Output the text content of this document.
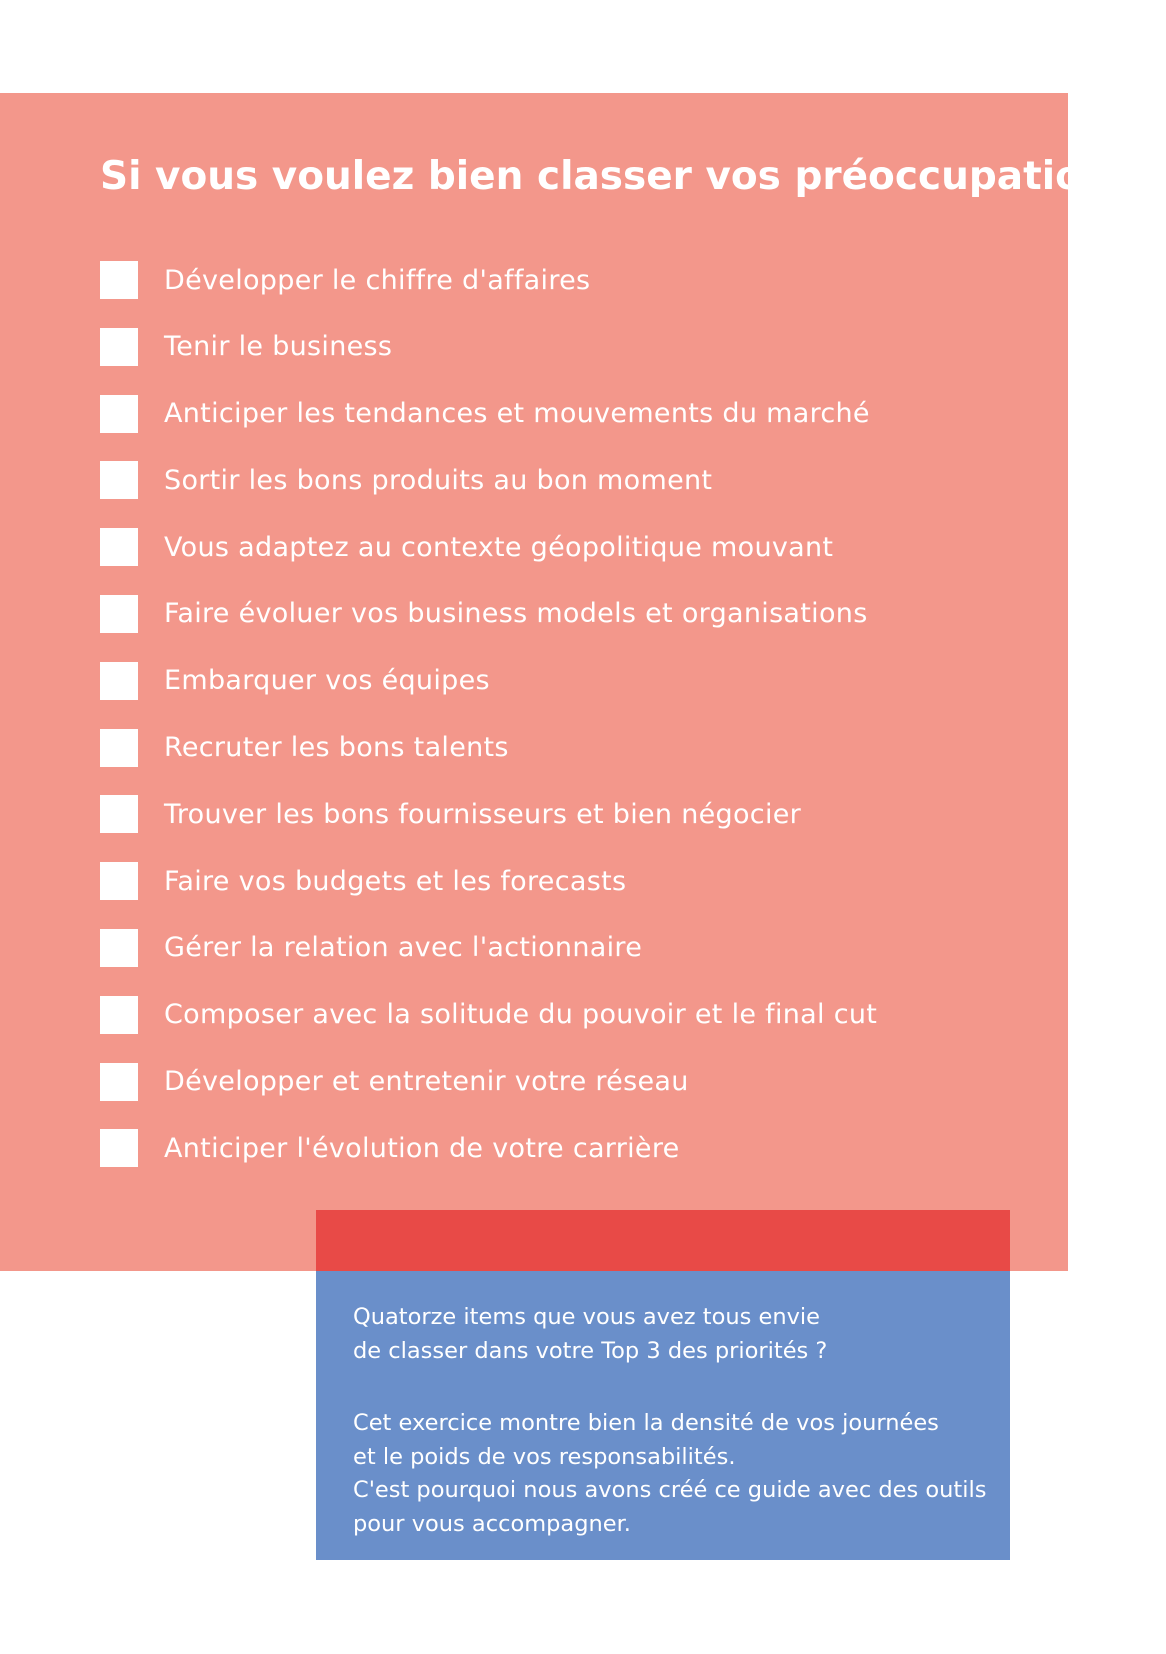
Si vous voulez bien classer vos préoccupations
Développer le chiffre d'affaires
Tenir le business
Anticiper les tendances et mouvements du marché
Sortir les bons produits au bon moment
Vous adaptez au contexte géopolitique mouvant
Faire évoluer vos business models et organisations
Embarquer vos équipes
Recruter les bons talents
Trouver les bons fournisseurs et bien négocier
Faire vos budgets et les forecasts
Gérer la relation avec l'actionnaire
Composer avec la solitude du pouvoir et le final cut
Développer et entretenir votre réseau
Anticiper l'évolution de votre carrière

Quatorze items que vous avez tous envie
de classer dans votre Top 3 des priorités ?

Cet exercice montre bien la densité de vos journées
et le poids de vos responsabilités.
C'est pourquoi nous avons créé ce guide avec des outils
pour vous accompagner.
